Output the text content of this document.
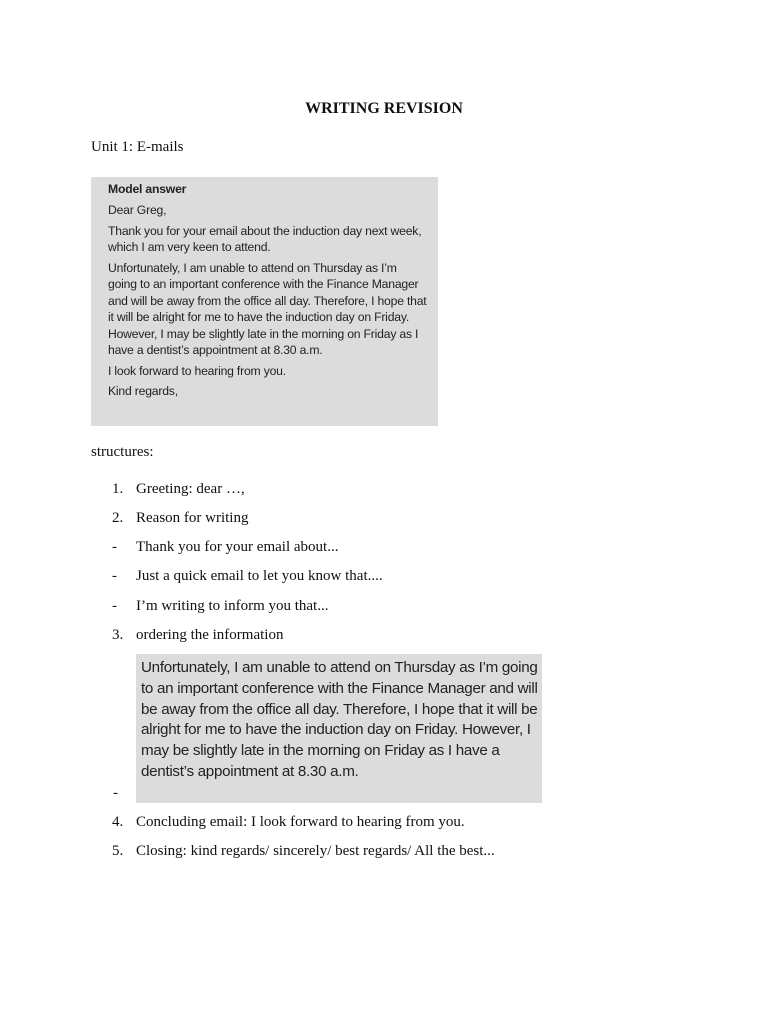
WRITING REVISION
Unit 1: E-mails
Model answer

Dear Greg,

Thank you for your email about the induction day next week, which I am very keen to attend.

Unfortunately, I am unable to attend on Thursday as I’m going to an important conference with the Finance Manager and will be away from the office all day. Therefore, I hope that it will be alright for me to have the induction day on Friday. However, I may be slightly late in the morning on Friday as I have a dentist’s appointment at 8.30 a.m.

I look forward to hearing from you.

Kind regards,

structures:
1. Greeting: dear …,
2. Reason for writing
- Thank you for your email about...
- Just a quick email to let you know that....
- I’m writing to inform you that...
3. ordering the information
Unfortunately, I am unable to attend on Thursday as I’m going to an important conference with the Finance Manager and will be away from the office all day. Therefore, I hope that it will be alright for me to have the induction day on Friday. However, I may be slightly late in the morning on Friday as I have a dentist’s appointment at 8.30 a.m.
-
4. Concluding email: I look forward to hearing from you.
5. Closing: kind regards/ sincerely/ best regards/ All the best...
